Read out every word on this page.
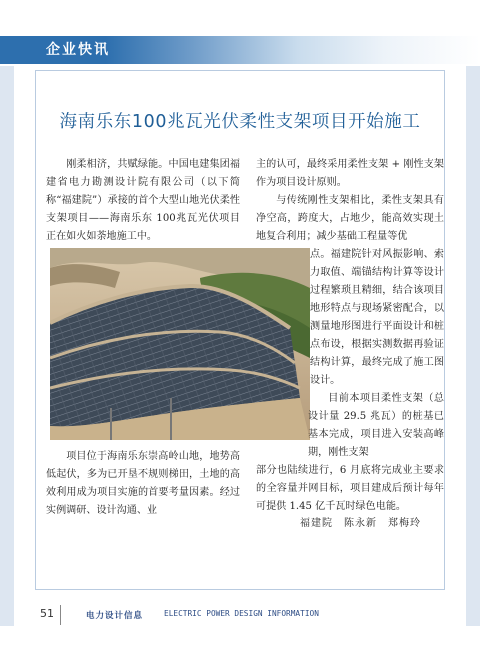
企业快讯
海南乐东100兆瓦光伏柔性支架项目开始施工

刚柔相济，共赋绿能。中国电建集团福建省电力勘测设计院有限公司（以下简称“福建院”）承接的首个大型山地光伏柔性支架项目——海南乐东 100兆瓦光伏项目正在如火如荼地施工中。

项目位于海南乐东崇高岭山地，地势高低起伏，多为已开垦不规则梯田，土地的高效利用成为项目实施的首要考量因素。经过实例调研、设计沟通、业

主的认可，最终采用柔性支架 + 刚性支架作为项目设计原则。

与传统刚性支架相比，柔性支架具有净空高，跨度大，占地少，能高效实现土地复合利用；减少基础工程量等优

点。福建院针对风振影响、索力取值、端锚结构计算等设计过程繁琐且精细，结合该项目地形特点与现场紧密配合，以测量地形图进行平面设计和桩点布设，根据实测数据再验证结构计算，最终完成了施工图设计。

目前本项目柔性支架（总设计量 29.5 兆瓦）的桩基已基本完成，项目进入安装高峰期，刚性支架

部分也陆续进行，6 月底将完成业主要求的全容量并网目标，项目建成后预计每年可提供 1.45 亿千瓦时绿色电能。

福建院　陈永新　郑梅玲
51	电力设计信息	ELECTRIC POWER DESIGN INFORMATION
